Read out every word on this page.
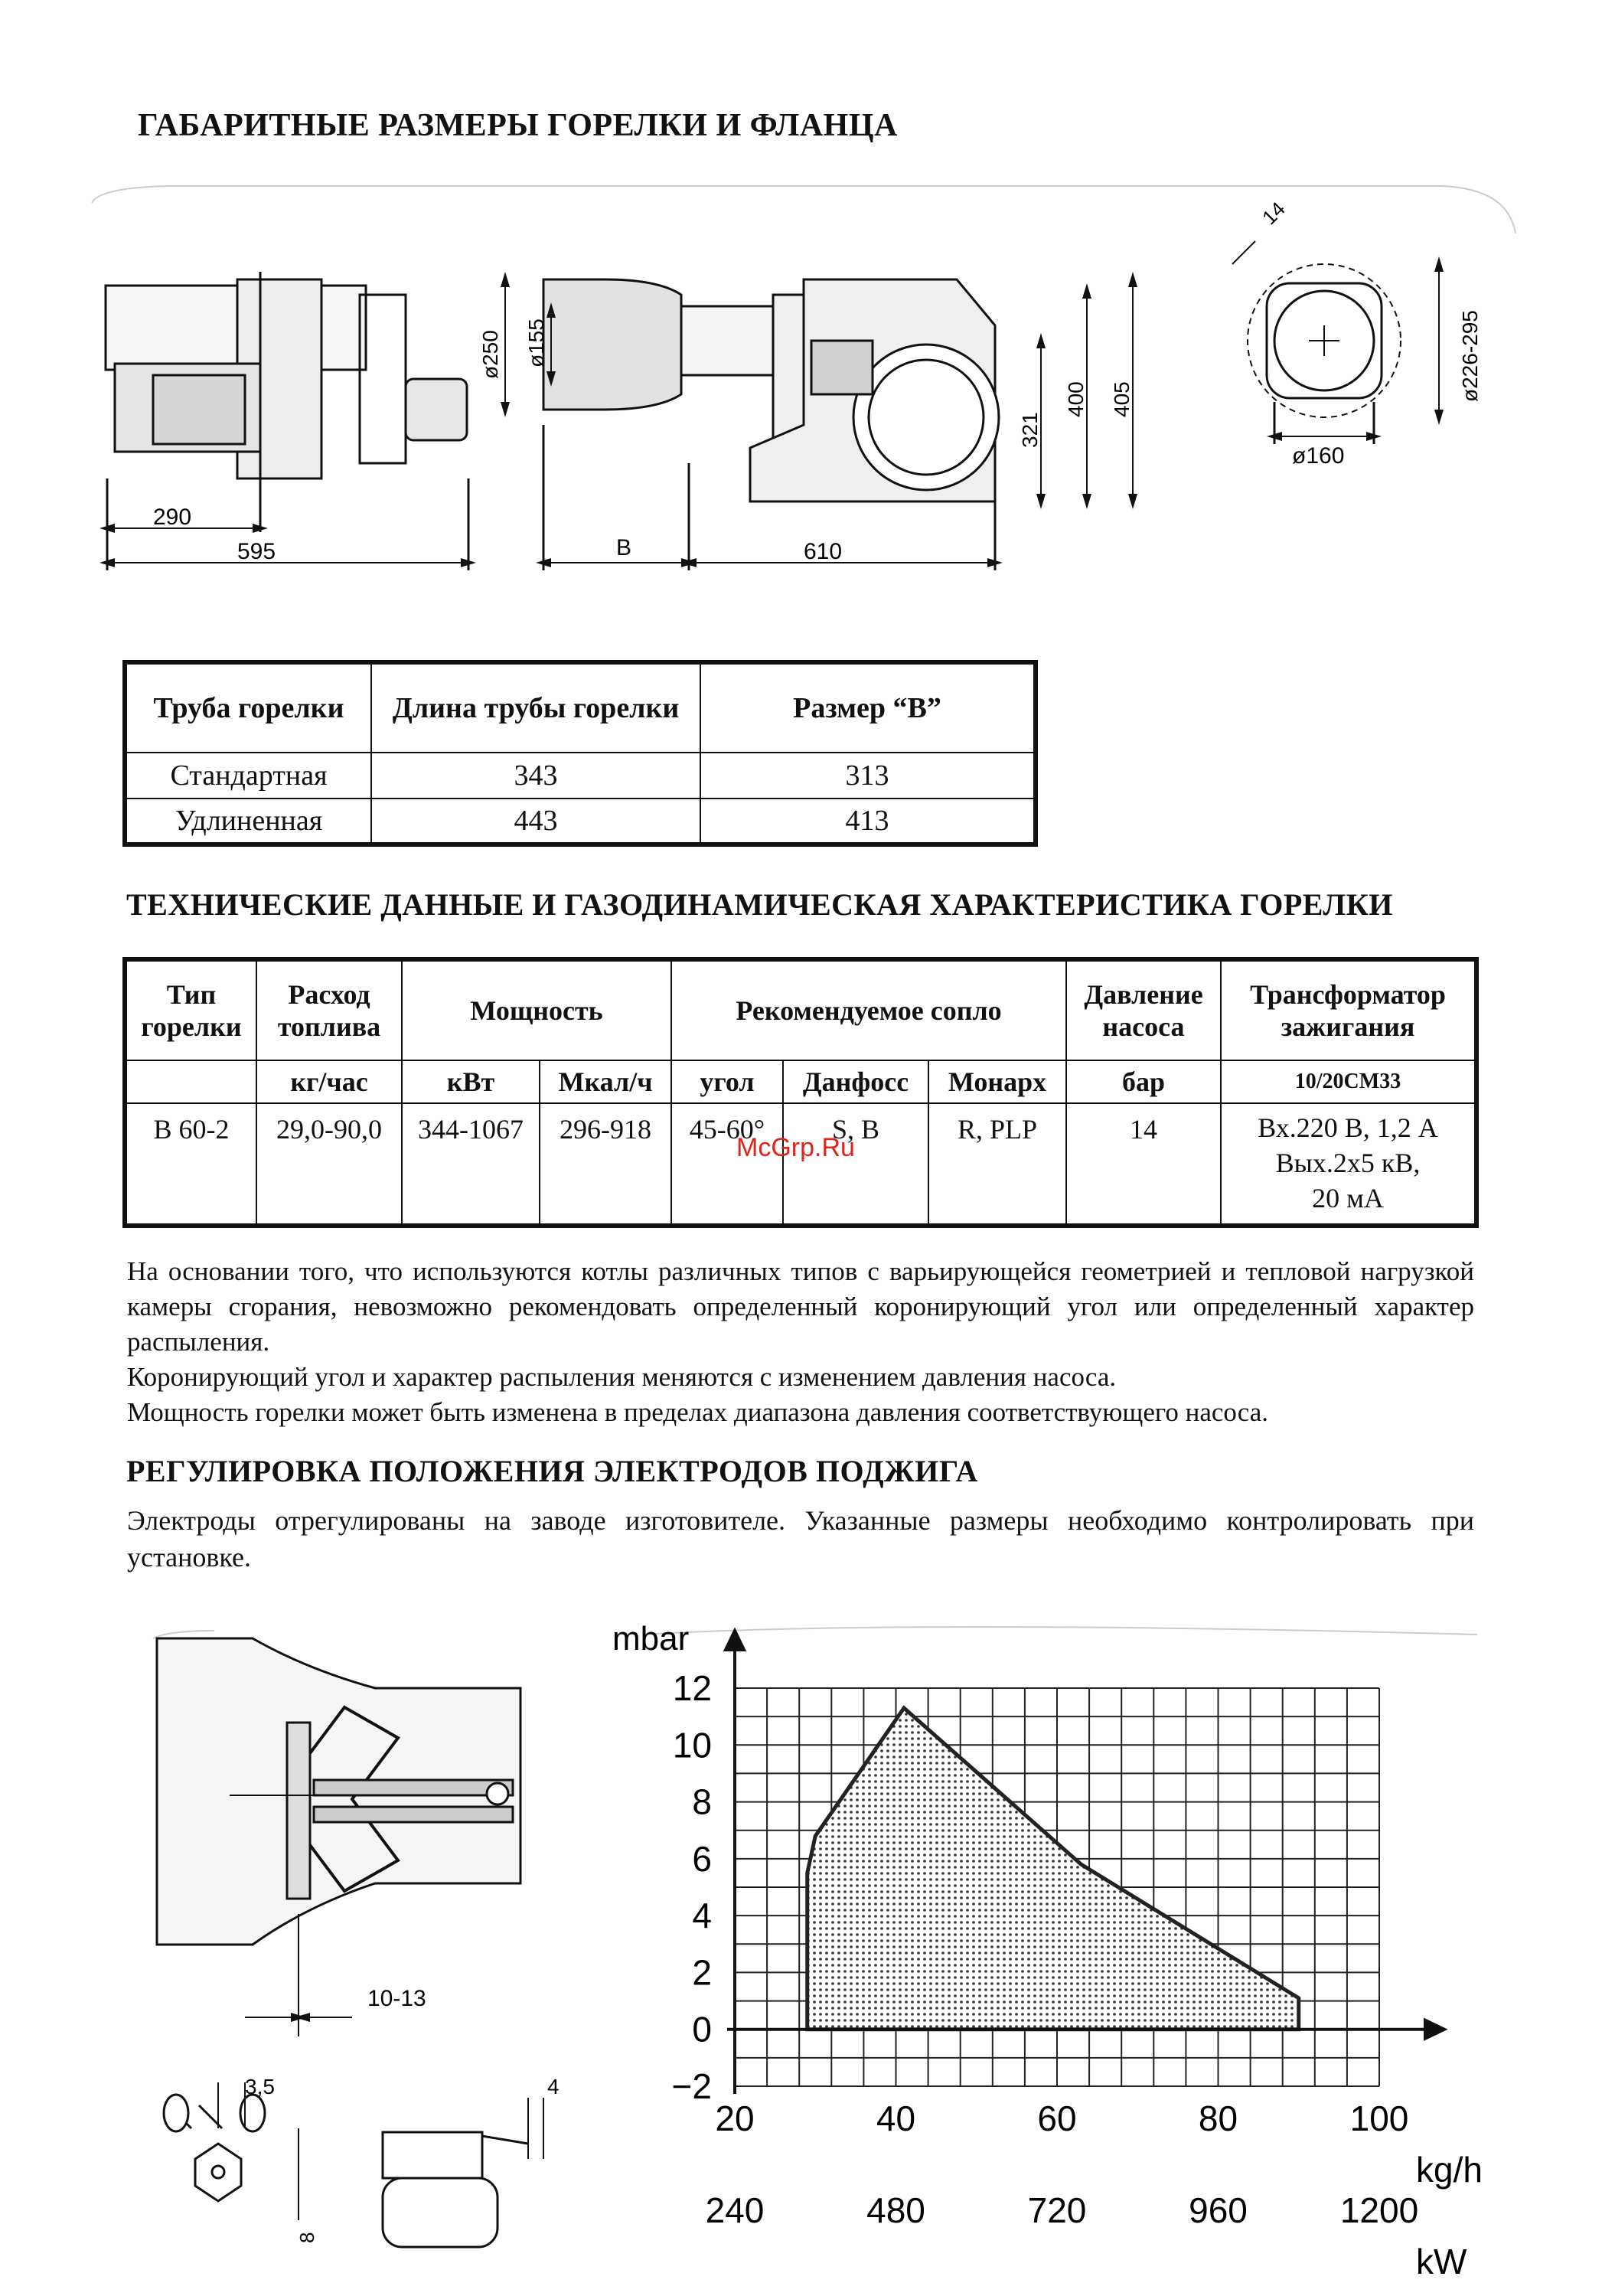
ГАБАРИТНЫЕ РАЗМЕРЫ ГОРЕЛКИ И ФЛАНЦА
290
595	B	610
ø250 ø155
321
400 405
ø160
ø226-295
14
Труба горелки	Длина трубы горелки	Размер “B”
Стандартная	343	313
Удлиненная	443	413
ТЕХНИЧЕСКИЕ ДАННЫЕ И ГАЗОДИНАМИЧЕСКАЯ ХАРАКТЕРИСТИКА ГОРЕЛКИ
Тип горелки	Расход топлива	Мощность		Рекомендуемое сопло			Давление насоса	Трансформатор зажигания
	кг/час	кВт	Мкал/ч	угол	Данфосс	Монарх	бар	10/20СМ33
В 60-2	29,0-90,0	344-1067	296-918	45-60°	S, B	R, PLP	14	Вх.220 В, 1,2 А
Вых.2х5 кВ,
20 мА
McGrp.Ru

На основании того, что используются котлы различных типов с варьирующейся геометрией и тепловой нагрузкой камеры сгорания, невозможно рекомендовать определенный коронирующий угол или определенный характер распыления.

Коронирующий угол и характер распыления меняются с изменением давления насоса.

Мощность горелки может быть изменена в пределах диапазона давления соответствующего насоса.

РЕГУЛИРОВКА ПОЛОЖЕНИЯ ЭЛЕКТРОДОВ ПОДЖИГА
Электроды отрегулированы на заводе изготовителе. Указанные размеры необходимо контролировать при установке.
10-13
3,5	4
8
12
10
8
6
4
2
0
−2
20	40	60	80	100
240	480	720	960	1200
mbar
kg/h
kW
